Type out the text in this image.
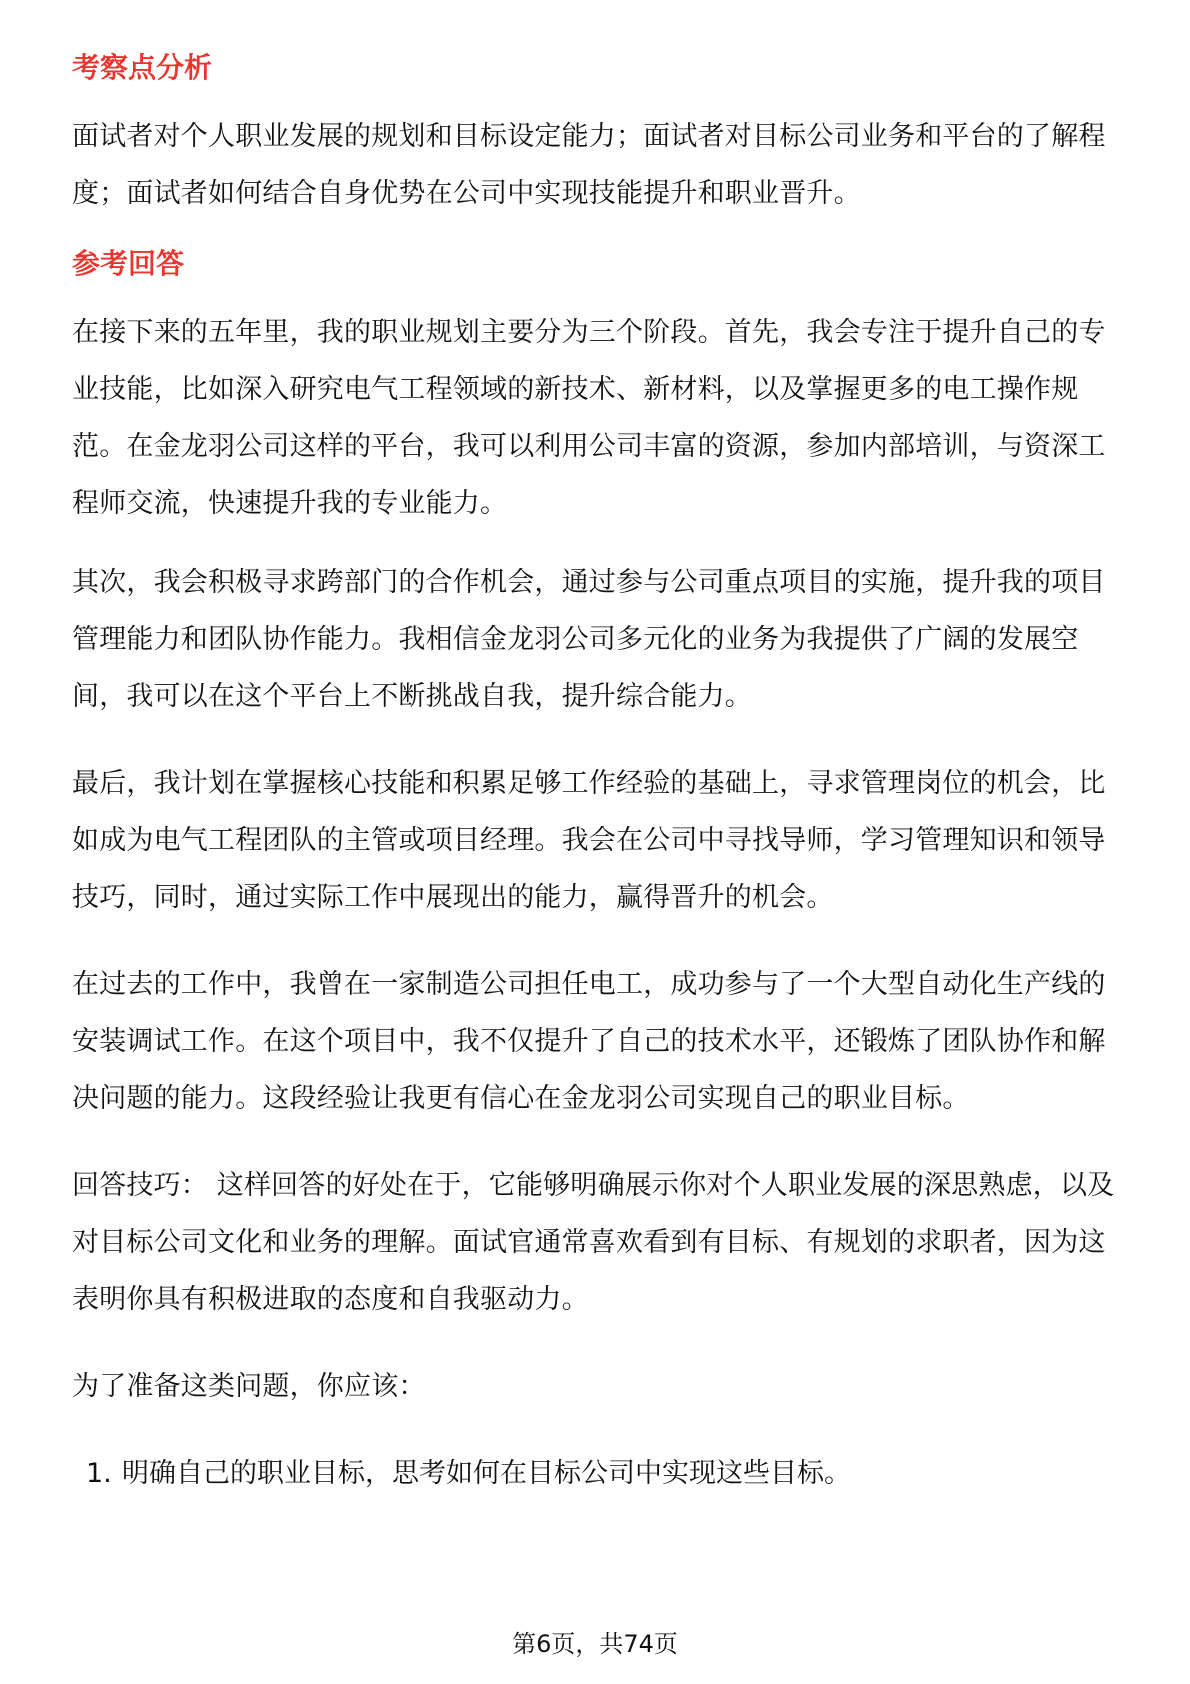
考察点分析

面试者对个人职业发展的规划和目标设定能力；面试者对目标公司业务和平台的了解程度；面试者如何结合自身优势在公司中实现技能提升和职业晋升。

参考回答

在接下来的五年里，我的职业规划主要分为三个阶段。首先，我会专注于提升自己的专业技能，比如深入研究电气工程领域的新技术、新材料，以及掌握更多的电工操作规范。在金龙羽公司这样的平台，我可以利用公司丰富的资源，参加内部培训，与资深工程师交流，快速提升我的专业能力。

其次，我会积极寻求跨部门的合作机会，通过参与公司重点项目的实施，提升我的项目管理能力和团队协作能力。我相信金龙羽公司多元化的业务为我提供了广阔的发展空间，我可以在这个平台上不断挑战自我，提升综合能力。

最后，我计划在掌握核心技能和积累足够工作经验的基础上，寻求管理岗位的机会，比如成为电气工程团队的主管或项目经理。我会在公司中寻找导师，学习管理知识和领导技巧，同时，通过实际工作中展现出的能力，赢得晋升的机会。

在过去的工作中，我曾在一家制造公司担任电工，成功参与了一个大型自动化生产线的安装调试工作。在这个项目中，我不仅提升了自己的技术水平，还锻炼了团队协作和解决问题的能力。这段经验让我更有信心在金龙羽公司实现自己的职业目标。

回答技巧： 这样回答的好处在于，它能够明确展示你对个人职业发展的深思熟虑，以及对目标公司文化和业务的理解。面试官通常喜欢看到有目标、有规划的求职者，因为这表明你具有积极进取的态度和自我驱动力。

为了准备这类问题，你应该：

1. 明确自己的职业目标，思考如何在目标公司中实现这些目标。
第6页，共74页
